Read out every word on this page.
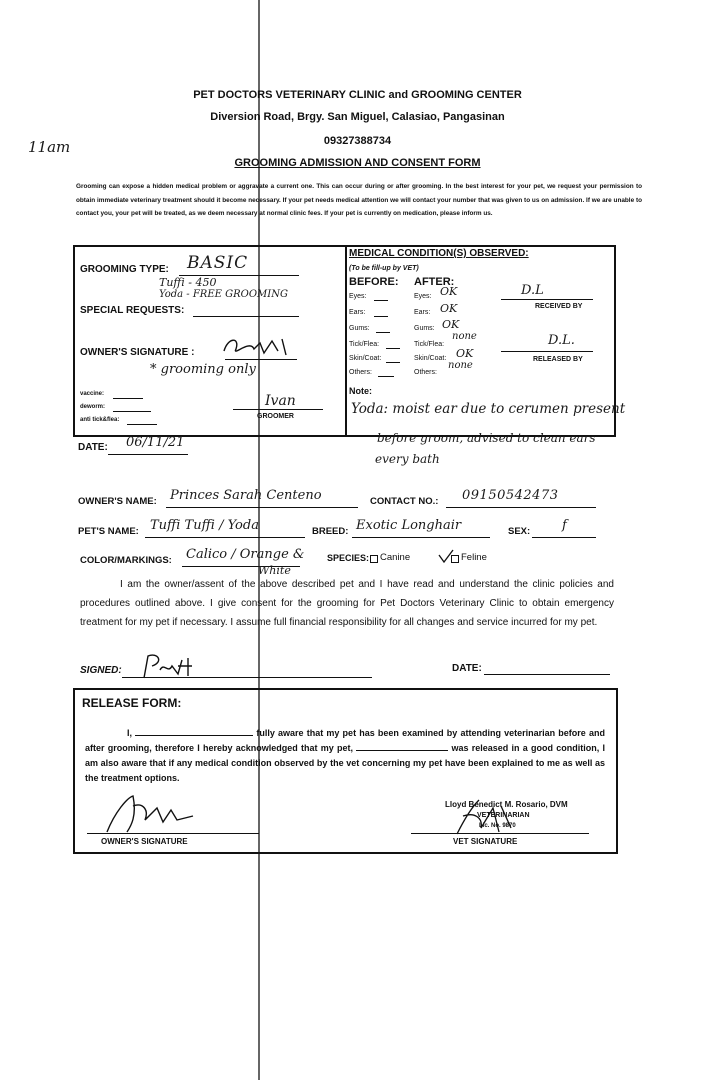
PET DOCTORS VETERINARY CLINIC and GROOMING CENTER
Diversion Road, Brgy. San Miguel, Calasiao, Pangasinan
09327388734
GROOMING ADMISSION AND CONSENT FORM
11am
Grooming can expose a hidden medical problem or aggravate a current one. This can occur during or after grooming. In the best interest for your pet, we request your permission to obtain immediate veterinary treatment should it become necessary. If your pet needs medical attention we will contact your number that was given to us on admission. If we are unable to contact you, your pet will be treated, as we deem necessary at normal clinic fees. If your pet is currently on medication, please inform us.
GROOMING TYPE: BASIC
Tuffi - 450
Yoda - FREE GROOMING
SPECIAL REQUESTS:
OWNER'S SIGNATURE :
* grooming only
vaccine:
deworm:
anti tick&flea:
Ivan
GROOMER
MEDICAL CONDITION(S) OBSERVED:
(To be fill-up by VET)
BEFORE: AFTER:
Eyes:	Eyes: OK
Ears:	Ears: OK
Gums:	Gums: OK
Tick/Flea:	Tick/Flea:
none
Skin/Coat:	Skin/Coat: OK
Others:	Others:
none
D.L
RECEIVED BY
D.L.
RELEASED BY
Note:
Yoda: moist ear due to cerumen present
before groom, advised to clean ears
every bath
DATE: 06/11/21
OWNER'S NAME: Princes Sarah Centeno	CONTACT NO.: 09150542473
PET'S NAME: Tuffi Tuffi / Yoda	BREED: Exotic Longhair	SEX: f
COLOR/MARKINGS: Calico / Orange &
White
SPECIES: Canine	Feline
I am the owner/assent of the above described pet and I have read and understand the clinic policies and procedures outlined above. I give consent for the grooming for Pet Doctors Veterinary Clinic to obtain emergency treatment for my pet if necessary. I assume full financial responsibility for all changes and service incurred for my pet.
SIGNED:	DATE:
RELEASE FORM:
I,	fully aware that my pet has been examined by attending veterinarian before and after grooming, therefore I hereby acknowledged that my pet,	was released in a good condition, I am also aware that if any medical condition observed by the vet concerning my pet have been explained to me as well as the treatment options.
OWNER'S SIGNATURE
Lloyd Benedict M. Rosario, DVM
VETERINARIAN
Lic. No. 9870
VET SIGNATURE
